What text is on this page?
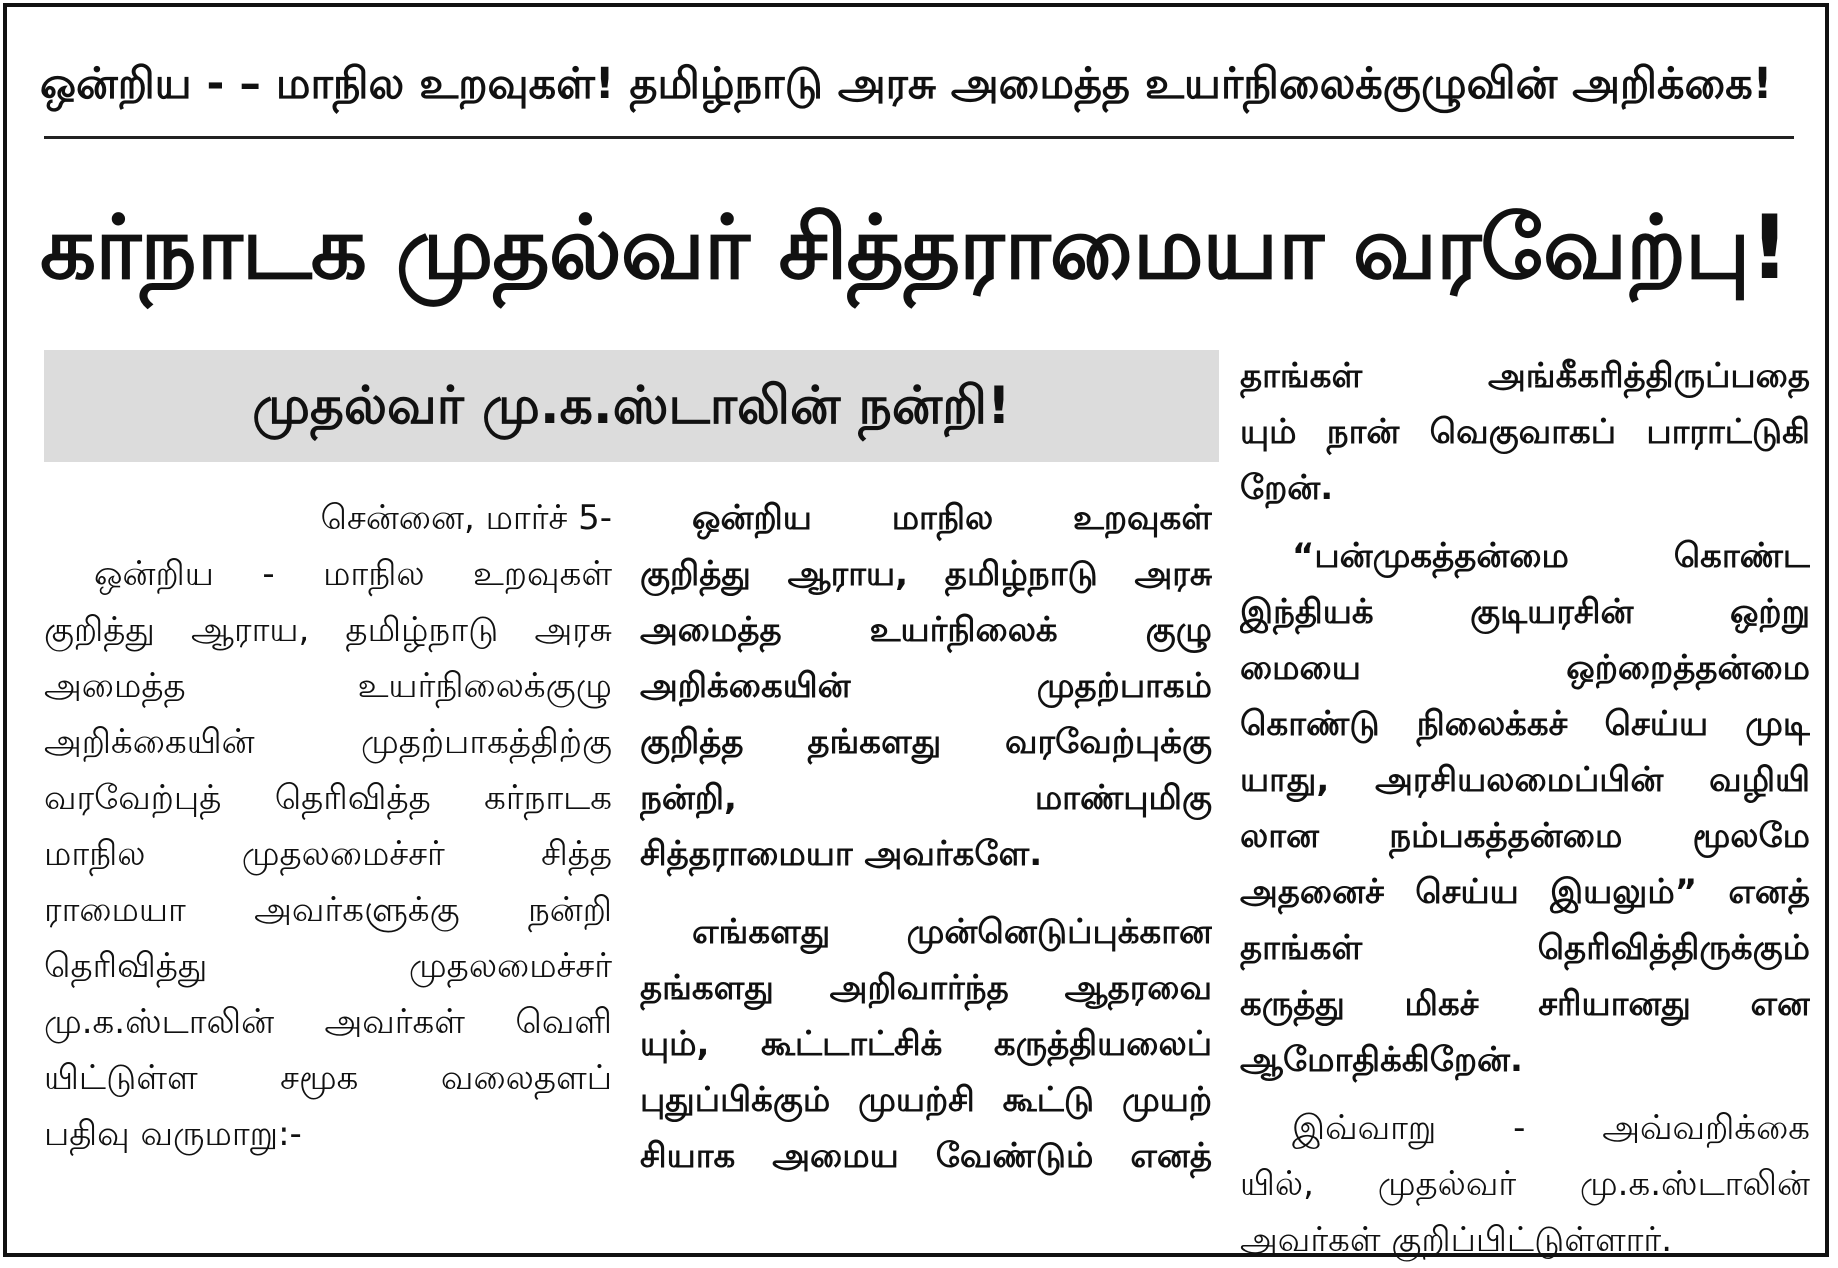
ஒன்றிய - – மாநில உறவுகள்! தமிழ்நாடு அரசு அமைத்த உயர்நிலைக்குழுவின் அறிக்கை!
கர்நாடக முதல்வர் சித்தராமையா வரவேற்பு!
முதல்வர் மு.க.ஸ்டாலின் நன்றி!
சென்னை, மார்ச் 5-
ஒன்றிய - மாநில உறவுகள்
குறித்து ஆராய, தமிழ்நாடு அரசு
அமைத்த உயர்நிலைக்குழு
அறிக்கையின் முதற்பாகத்திற்கு
வரவேற்புத் தெரிவித்த கர்நாடக
மாநில முதலமைச்சர் சித்த
ராமையா அவர்களுக்கு நன்றி
தெரிவித்து முதலமைச்சர்
மு.க.ஸ்டாலின் அவர்கள் வெளி
யிட்டுள்ள சமூக வலைதளப்
பதிவு வருமாறு:-
ஒன்றிய மாநில உறவுகள்
குறித்து ஆராய, தமிழ்நாடு அரசு
அமைத்த உயர்நிலைக் குழு
அறிக்கையின் முதற்பாகம்
குறித்த தங்களது வரவேற்புக்கு
நன்றி, மாண்புமிகு
சித்தராமையா அவர்களே.
எங்களது முன்னெடுப்புக்கான
தங்களது அறிவார்ந்த ஆதரவை
யும், கூட்டாட்சிக் கருத்தியலைப்
புதுப்பிக்கும் முயற்சி கூட்டு முயற்
சியாக அமைய வேண்டும் எனத்
தாங்கள் அங்கீகரித்திருப்பதை
யும் நான் வெகுவாகப் பாராட்டுகி
றேன்.
“பன்முகத்தன்மை கொண்ட
இந்தியக் குடியரசின் ஒற்று
மையை ஒற்றைத்தன்மை
கொண்டு நிலைக்கச் செய்ய முடி
யாது, அரசியலமைப்பின் வழியி
லான நம்பகத்தன்மை மூலமே
அதனைச் செய்ய இயலும்” எனத்
தாங்கள் தெரிவித்திருக்கும்
கருத்து மிகச் சரியானது என
ஆமோதிக்கிறேன்.
இவ்வாறு - அவ்வறிக்கை
யில், முதல்வர் மு.க.ஸ்டாலின்
அவர்கள் குறிப்பிட்டுள்ளார்.
